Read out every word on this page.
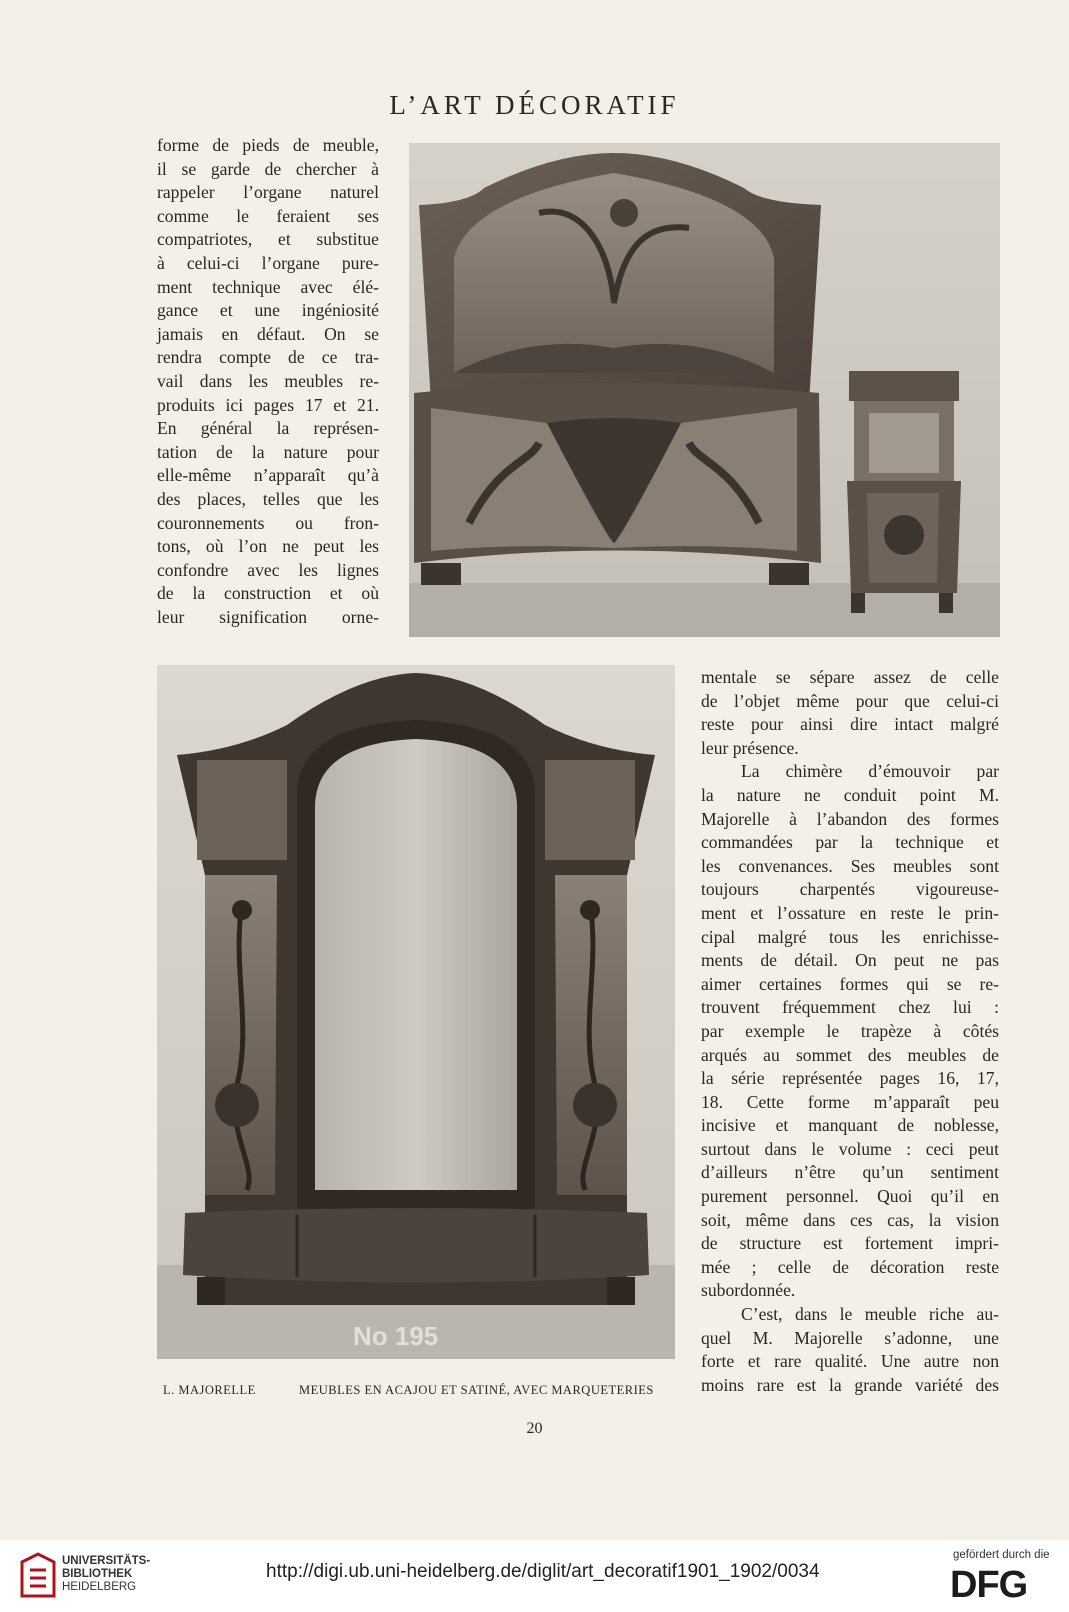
L’ART DÉCORATIF
forme de pieds de meuble,
il se garde de chercher à
rappeler l’organe naturel
comme le feraient ses
compatriotes, et substitue
à celui-ci l’organe pure-
ment technique avec élé-
gance et une ingéniosité
jamais en défaut. On se
rendra compte de ce tra-
vail dans les meubles re-
produits ici pages 17 et 21.
En général la représen-
tation de la nature pour
elle-même n’apparaît qu’à
des places, telles que les
couronnements ou fron-
tons, où l’on ne peut les
confondre avec les lignes
de la construction et où
leur signification orne-
No 195
mentale se sépare assez de celle
de l’objet même pour que celui-ci
reste pour ainsi dire intact malgré
leur présence.
La chimère d’émouvoir par
la nature ne conduit point M.
Majorelle à l’abandon des formes
commandées par la technique et
les convenances. Ses meubles sont
toujours charpentés vigoureuse-
ment et l’ossature en reste le prin-
cipal malgré tous les enrichisse-
ments de détail. On peut ne pas
aimer certaines formes qui se re-
trouvent fréquemment chez lui :
par exemple le trapèze à côtés
arqués au sommet des meubles de
la série représentée pages 16, 17,
18. Cette forme m’apparaît peu
incisive et manquant de noblesse,
surtout dans le volume : ceci peut
d’ailleurs n’être qu’un sentiment
purement personnel. Quoi qu’il en
soit, même dans ces cas, la vision
de structure est fortement impri-
mée ; celle de décoration reste
subordonnée.
C’est, dans le meuble riche au-
quel M. Majorelle s’adonne, une
forte et rare qualité. Une autre non
moins rare est la grande variété des
L. MAJORELLE	MEUBLES EN ACAJOU ET SATINÉ, AVEC MARQUETERIES
20
UNIVERSITÄTS-
BIBLIOTHEK
HEIDELBERG
http://digi.ub.uni-heidelberg.de/diglit/art_decoratif1901_1902/0034
gefördert durch die
DFG
